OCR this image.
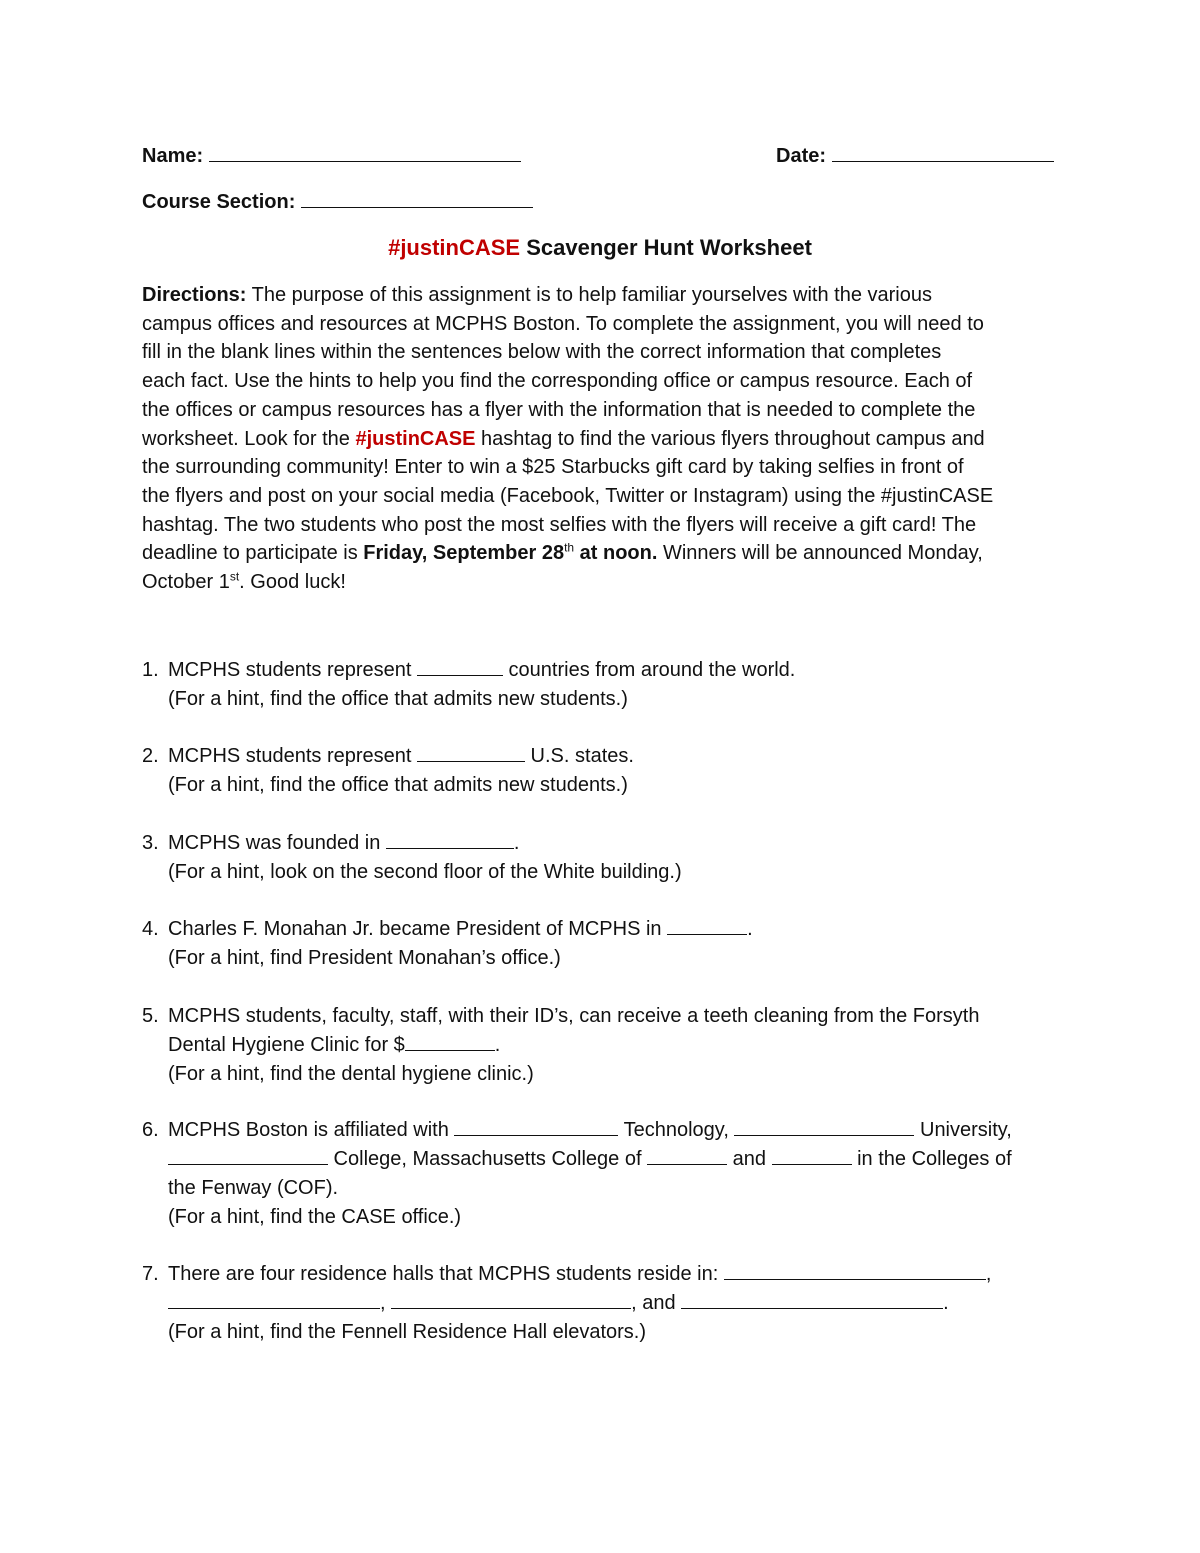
Name:	Date:
Course Section:
#justinCASE Scavenger Hunt Worksheet
Directions: The purpose of this assignment is to help familiar yourselves with the various
campus offices and resources at MCPHS Boston. To complete the assignment, you will need to
fill in the blank lines within the sentences below with the correct information that completes
each fact. Use the hints to help you find the corresponding office or campus resource. Each of
the offices or campus resources has a flyer with the information that is needed to complete the
worksheet. Look for the #justinCASE hashtag to find the various flyers throughout campus and
the surrounding community! Enter to win a $25 Starbucks gift card by taking selfies in front of
the flyers and post on your social media (Facebook, Twitter or Instagram) using the #justinCASE
hashtag. The two students who post the most selfies with the flyers will receive a gift card! The
deadline to participate is Friday, September 28th at noon. Winners will be announced Monday,
October 1st. Good luck!
1. MCPHS students represent	countries from around the world.
(For a hint, find the office that admits new students.)
2. MCPHS students represent	U.S. states.
(For a hint, find the office that admits new students.)
3. MCPHS was founded in	.
(For a hint, look on the second floor of the White building.)
4. Charles F. Monahan Jr. became President of MCPHS in	.
(For a hint, find President Monahan’s office.)
5. MCPHS students, faculty, staff, with their ID’s, can receive a teeth cleaning from the Forsyth
Dental Hygiene Clinic for $	.
(For a hint, find the dental hygiene clinic.)
6. MCPHS Boston is affiliated with	Technology,	University,
College, Massachusetts College of	and	in the Colleges of
the Fenway (COF).
(For a hint, find the CASE office.)
7. There are four residence halls that MCPHS students reside in:	,
,	, and	.
(For a hint, find the Fennell Residence Hall elevators.)
